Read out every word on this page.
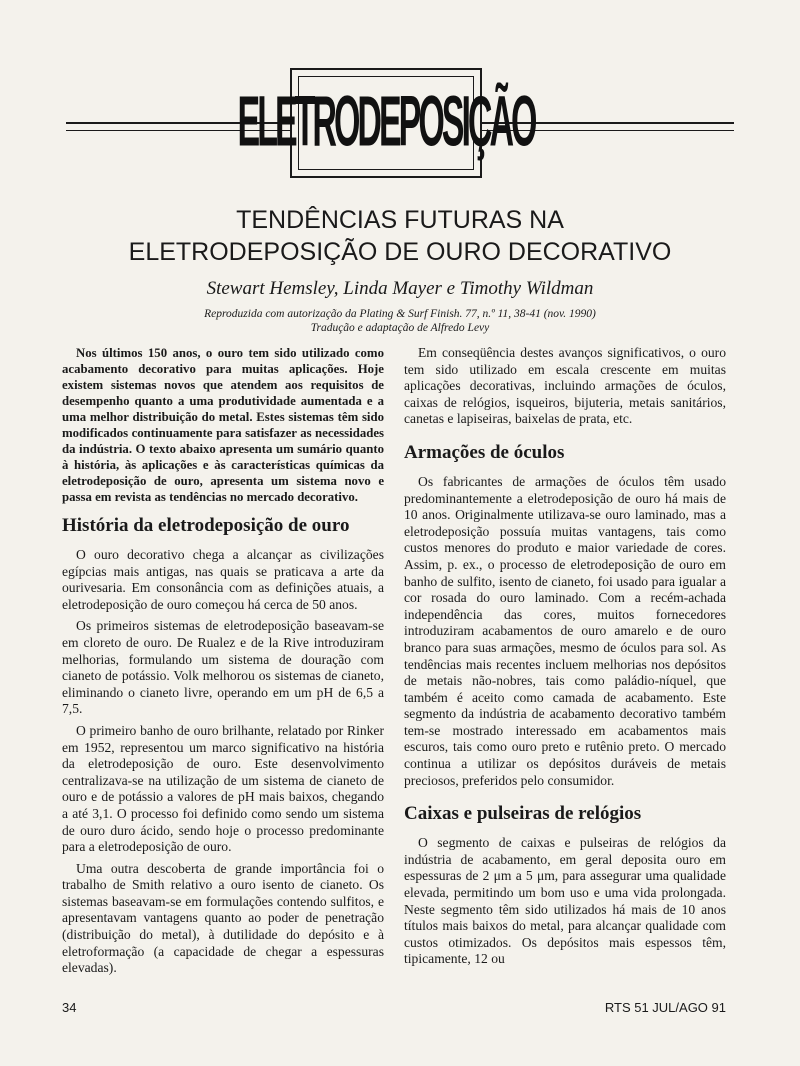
ELETRODEPOSIÇÃO
TENDÊNCIAS FUTURAS NA
ELETRODEPOSIÇÃO DE OURO DECORATIVO
Stewart Hemsley, Linda Mayer e Timothy Wildman
Reproduzida com autorização da Plating & Surf Finish. 77, n.º 11, 38-41 (nov. 1990)
Tradução e adaptação de Alfredo Levy

Nos últimos 150 anos, o ouro tem sido utilizado como acabamento decorativo para muitas aplicações. Hoje existem sistemas novos que atendem aos requisitos de desempenho quanto a uma produtividade aumentada e a uma melhor distribuição do metal. Estes sistemas têm sido modificados continuamente para satisfazer as necessidades da indústria. O texto abaixo apresenta um sumário quanto à história, às aplicações e às características químicas da eletrodeposição de ouro, apresenta um sistema novo e passa em revista as tendências no mercado decorativo.

História da eletrodeposição de ouro

O ouro decorativo chega a alcançar as civilizações egípcias mais antigas, nas quais se praticava a arte da ourivesaria. Em consonância com as definições atuais, a eletrodeposição de ouro começou há cerca de 50 anos.

Os primeiros sistemas de eletrodeposição baseavam-se em cloreto de ouro. De Rualez e de la Rive introduziram melhorias, formulando um sistema de douração com cianeto de potássio. Volk melhorou os sistemas de cianeto, eliminando o cianeto livre, operando em um pH de 6,5 a 7,5.

O primeiro banho de ouro brilhante, relatado por Rinker em 1952, representou um marco significativo na história da eletrodeposição de ouro. Este desenvolvimento centralizava-se na utilização de um sistema de cianeto de ouro e de potássio a valores de pH mais baixos, chegando a até 3,1. O processo foi definido como sendo um sistema de ouro duro ácido, sendo hoje o processo predominante para a eletrodeposição de ouro.

Uma outra descoberta de grande importância foi o trabalho de Smith relativo a ouro isento de cianeto. Os sistemas baseavam-se em formulações contendo sulfitos, e apresentavam vantagens quanto ao poder de penetração (distribuição do metal), à dutilidade do depósito e à eletroformação (a capacidade de chegar a espessuras elevadas).

Em conseqüência destes avanços significativos, o ouro tem sido utilizado em escala crescente em muitas aplicações decorativas, incluindo armações de óculos, caixas de relógios, isqueiros, bijuteria, metais sanitários, canetas e lapiseiras, baixelas de prata, etc.

Armações de óculos

Os fabricantes de armações de óculos têm usado predominantemente a eletrodeposição de ouro há mais de 10 anos. Originalmente utilizava-se ouro laminado, mas a eletrodeposição possuía muitas vantagens, tais como custos menores do produto e maior variedade de cores. Assim, p. ex., o processo de eletrodeposição de ouro em banho de sulfito, isento de cianeto, foi usado para igualar a cor rosada do ouro laminado. Com a recém-achada independência das cores, muitos fornecedores introduziram acabamentos de ouro amarelo e de ouro branco para suas armações, mesmo de óculos para sol. As tendências mais recentes incluem melhorias nos depósitos de metais não-nobres, tais como paládio-níquel, que também é aceito como camada de acabamento. Este segmento da indústria de acabamento decorativo também tem-se mostrado interessado em acabamentos mais escuros, tais como ouro preto e rutênio preto. O mercado continua a utilizar os depósitos duráveis de metais preciosos, preferidos pelo consumidor.

Caixas e pulseiras de relógios

O segmento de caixas e pulseiras de relógios da indústria de acabamento, em geral deposita ouro em espessuras de 2 μm a 5 μm, para assegurar uma qualidade elevada, permitindo um bom uso e uma vida prolongada. Neste segmento têm sido utilizados há mais de 10 anos títulos mais baixos do metal, para alcançar qualidade com custos otimizados. Os depósitos mais espessos têm, tipicamente, 12 ou

34	RTS 51 JUL/AGO 91
